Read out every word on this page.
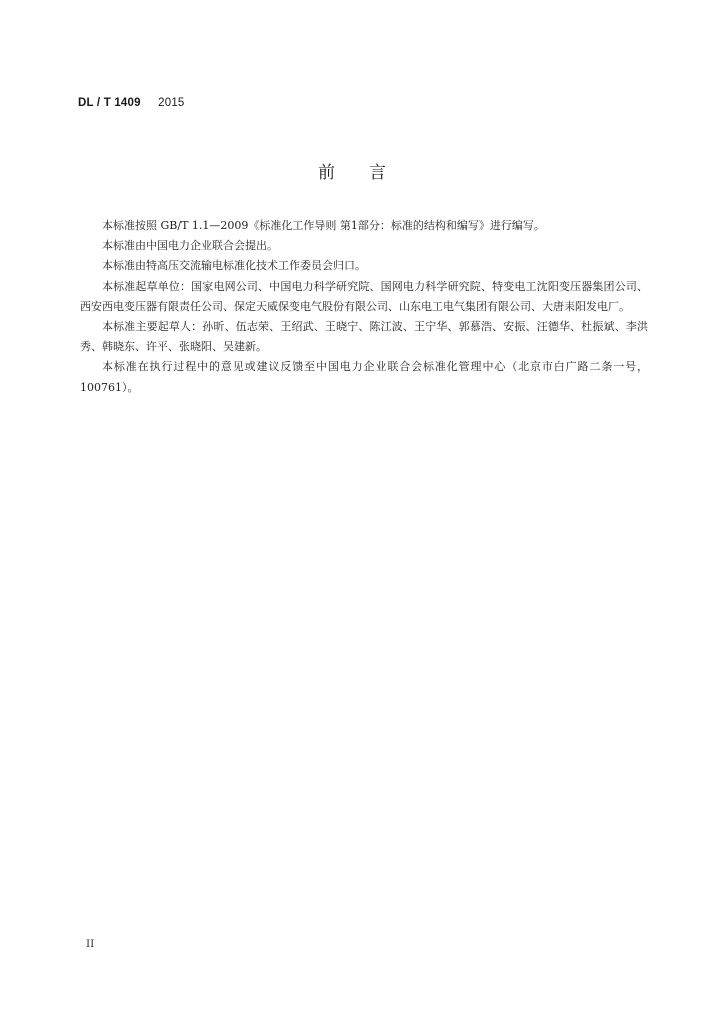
DL / T 1409 2015
前言

本标准按照 GB/T 1.1—2009《标准化工作导则 第1部分：标准的结构和编写》进行编写。

本标准由中国电力企业联合会提出。

本标准由特高压交流输电标准化技术工作委员会归口。

本标准起草单位：国家电网公司、中国电力科学研究院、国网电力科学研究院、特变电工沈阳变压器集团公司、西安西电变压器有限责任公司、保定天威保变电气股份有限公司、山东电工电气集团有限公司、大唐耒阳发电厂。

本标准主要起草人：孙昕、伍志荣、王绍武、王晓宁、陈江波、王宁华、郭慕浩、安振、汪德华、杜振斌、李洪秀、韩晓东、许平、张晓阳、吴建新。

本标准在执行过程中的意见或建议反馈至中国电力企业联合会标准化管理中心（北京市白广路二条一号，100761）。

II
